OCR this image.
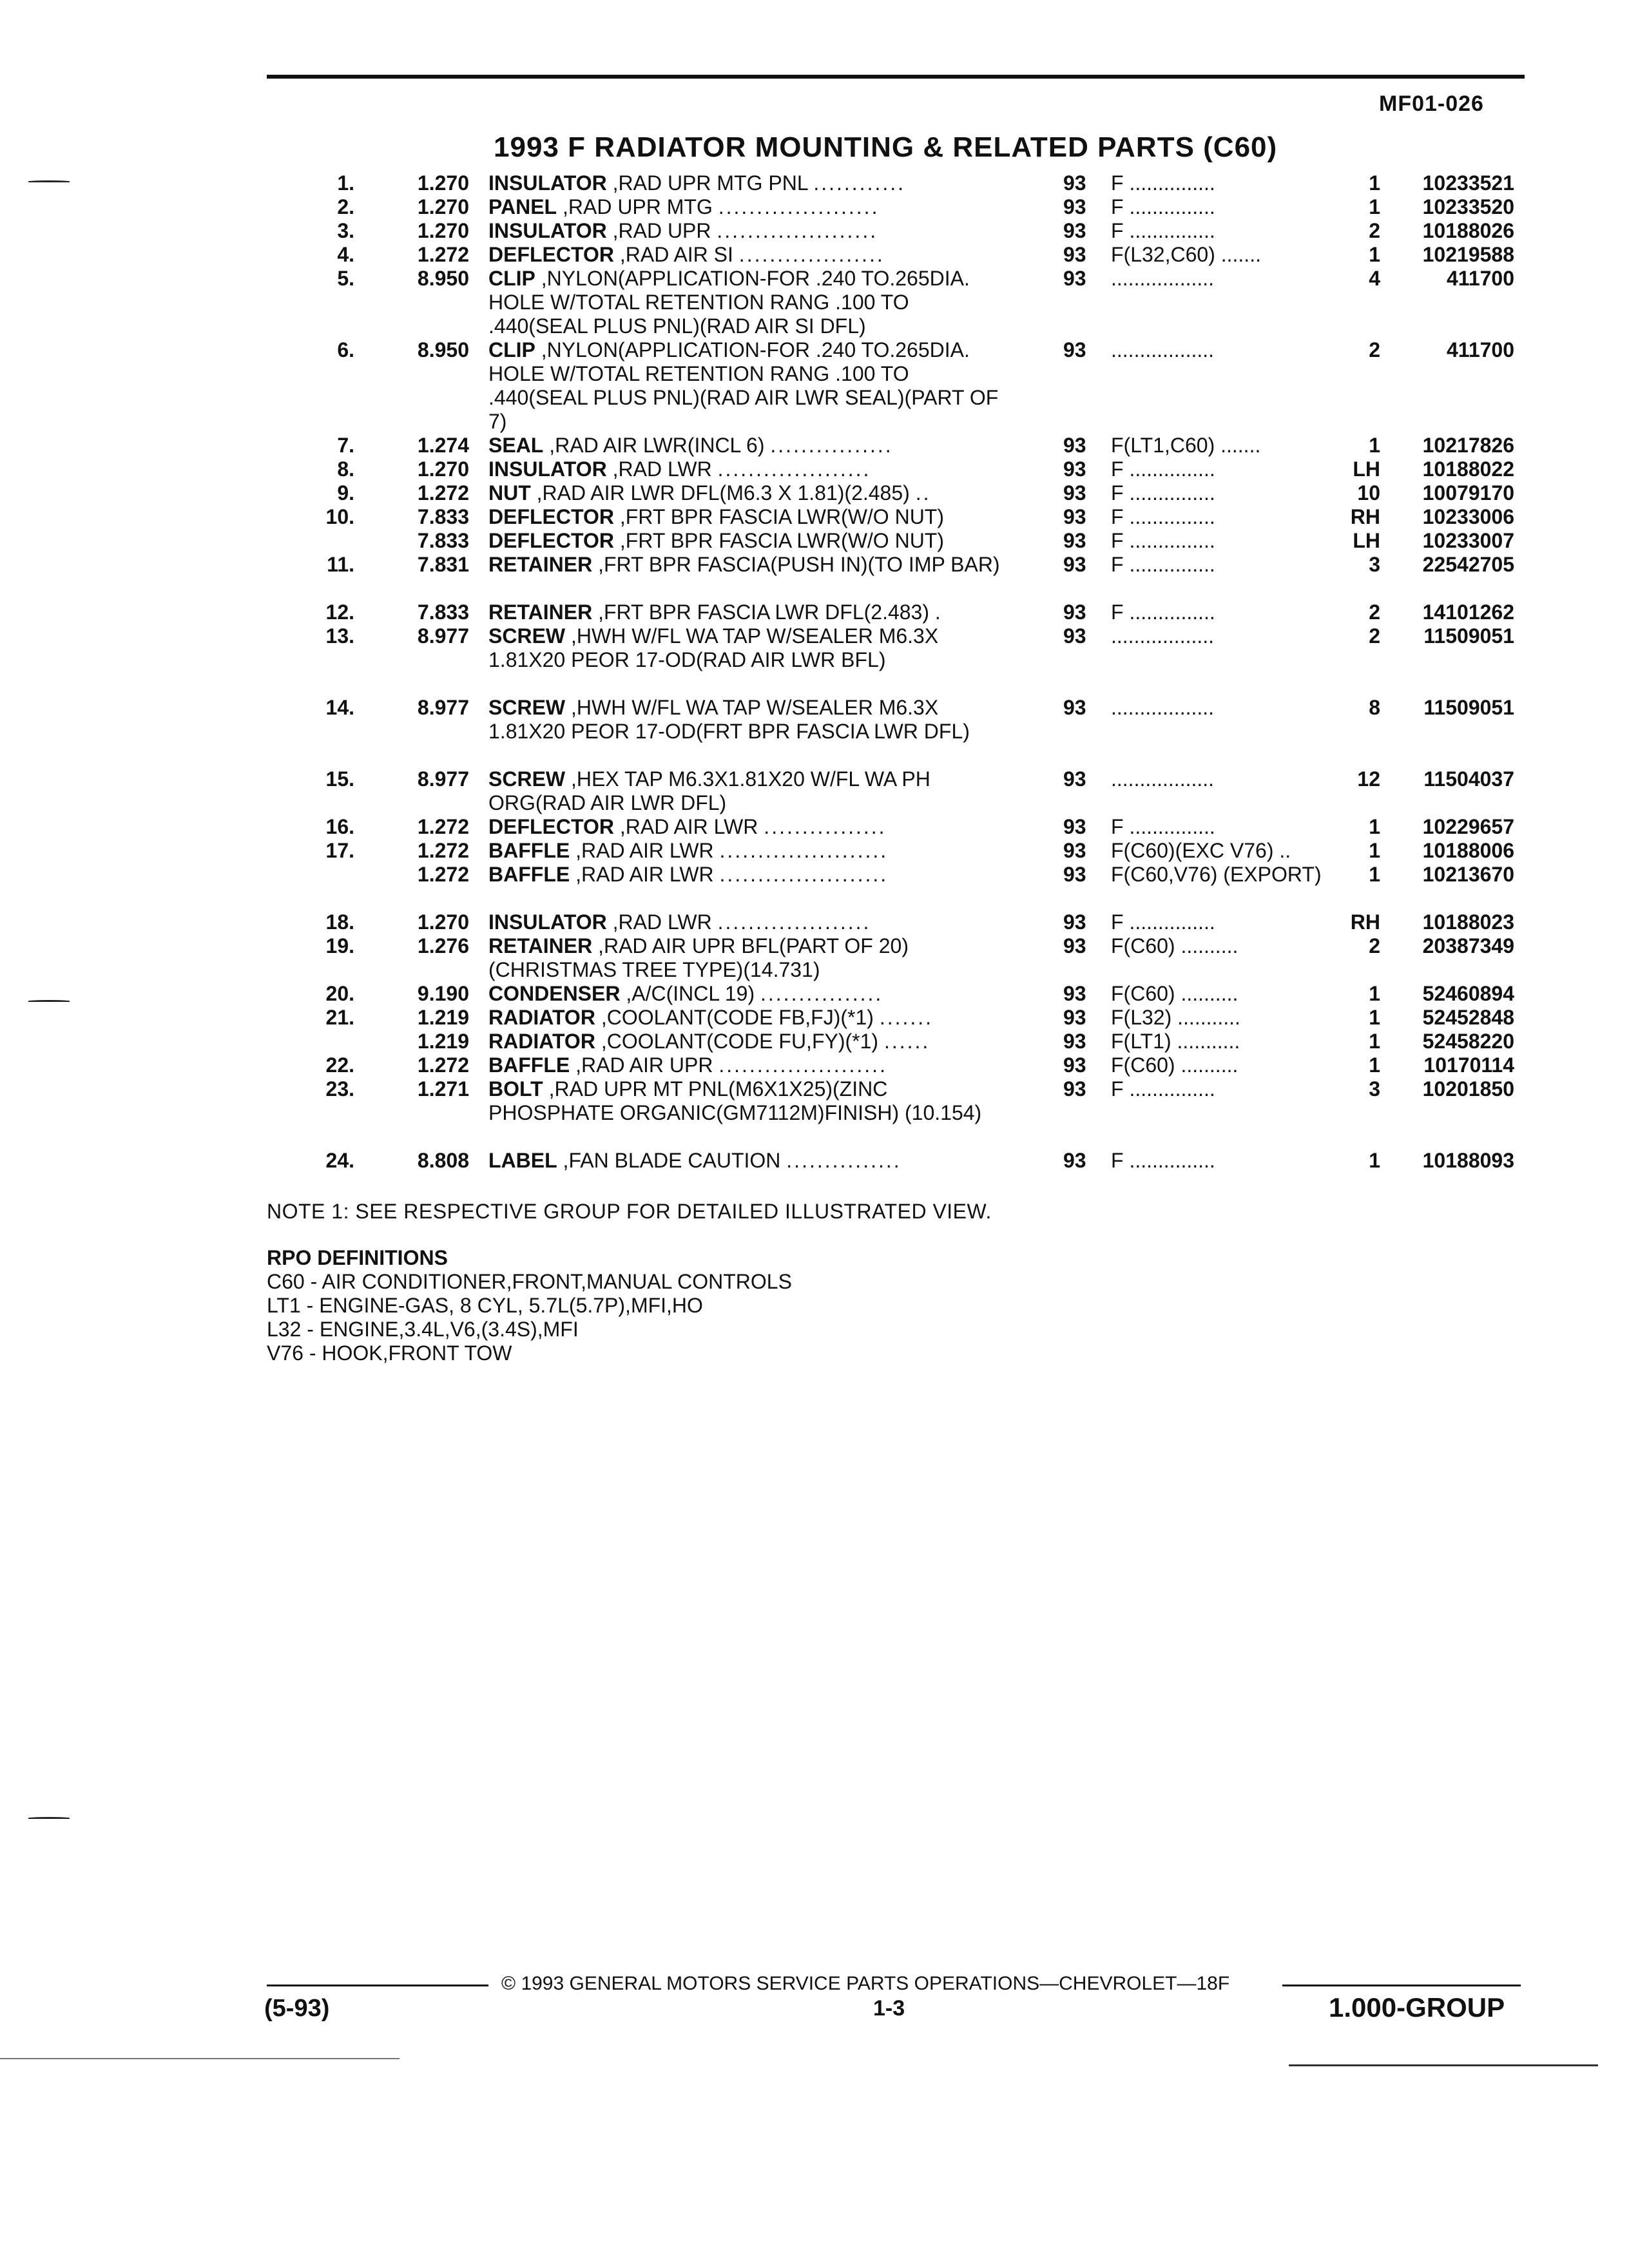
MF01-026
1993 F RADIATOR MOUNTING & RELATED PARTS (C60)
1.	1.270 INSULATOR ,RAD UPR MTG PNL ............	93 F ...............	1	10233521
2.	1.270 PANEL ,RAD UPR MTG .....................	93 F ...............	1	10233520
3.	1.270 INSULATOR ,RAD UPR .....................	93 F ...............	2	10188026
4.	1.272 DEFLECTOR ,RAD AIR SI ...................	93 F(L32,C60) .......	1	10219588
5.	8.950 CLIP ,NYLON(APPLICATION-FOR .240 TO.265DIA. HOLE W/TOTAL RETENTION RANG .100 TO .440(SEAL PLUS PNL)(RAD AIR SI DFL)
93 ..................	4	411700
6.	8.950 CLIP ,NYLON(APPLICATION-FOR .240 TO.265DIA. HOLE W/TOTAL RETENTION RANG .100 TO .440(SEAL PLUS PNL)(RAD AIR LWR SEAL)(PART OF 7)
93 ..................	2	411700
7.	1.274 SEAL ,RAD AIR LWR(INCL 6) ................	93 F(LT1,C60) .......	1	10217826
8.	1.270 INSULATOR ,RAD LWR ....................	93 F ...............	LH	10188022
9.	1.272 NUT ,RAD AIR LWR DFL(M6.3 X 1.81)(2.485) ..	93 F ...............	10	10079170
10.	7.833 DEFLECTOR ,FRT BPR FASCIA LWR(W/O NUT)	93 F ...............	RH	10233006
7.833 DEFLECTOR ,FRT BPR FASCIA LWR(W/O NUT)	93 F ...............	LH	10233007
11.	7.831 RETAINER ,FRT BPR FASCIA(PUSH IN)(TO IMP BAR)	93 F ...............	3	22542705
12.	7.833 RETAINER ,FRT BPR FASCIA LWR DFL(2.483) .	93 F ...............	2	14101262
13.	8.977 SCREW ,HWH W/FL WA TAP W/SEALER M6.3X 1.81X20 PEOR 17-OD(RAD AIR LWR BFL)
93 ..................	2	11509051
14.	8.977 SCREW ,HWH W/FL WA TAP W/SEALER M6.3X 1.81X20 PEOR 17-OD(FRT BPR FASCIA LWR DFL)
93 ..................	8	11509051
15.	8.977 SCREW ,HEX TAP M6.3X1.81X20 W/FL WA PH ORG(RAD AIR LWR DFL)
93 ..................	12	11504037
16.	1.272 DEFLECTOR ,RAD AIR LWR ................	93 F ...............	1	10229657
17.	1.272 BAFFLE ,RAD AIR LWR ......................	93 F(C60)(EXC V76) ..	1	10188006
1.272 BAFFLE ,RAD AIR LWR ......................	93 F(C60,V76) (EXPORT)	1	10213670
18.	1.270 INSULATOR ,RAD LWR ....................	93 F ...............	RH	10188023
19.	1.276 RETAINER ,RAD AIR UPR BFL(PART OF 20) (CHRISTMAS TREE TYPE)(14.731)
93 F(C60) ..........	2	20387349
20.	9.190 CONDENSER ,A/C(INCL 19) ................	93 F(C60) ..........	1	52460894
21.	1.219 RADIATOR ,COOLANT(CODE FB,FJ)(*1) .......	93 F(L32) ...........	1	52452848
1.219 RADIATOR ,COOLANT(CODE FU,FY)(*1) ......	93 F(LT1) ...........	1	52458220
22.	1.272 BAFFLE ,RAD AIR UPR ......................	93 F(C60) ..........	1	10170114
23.	1.271 BOLT ,RAD UPR MT PNL(M6X1X25)(ZINC PHOSPHATE ORGANIC(GM7112M)FINISH) (10.154)
93 F ...............	3	10201850
24.	8.808 LABEL ,FAN BLADE CAUTION ...............	93 F ...............	1	10188093
NOTE 1: SEE RESPECTIVE GROUP FOR DETAILED ILLUSTRATED VIEW.
RPO DEFINITIONS
C60 - AIR CONDITIONER,FRONT,MANUAL CONTROLS
LT1 - ENGINE-GAS, 8 CYL, 5.7L(5.7P),MFI,HO
L32 - ENGINE,3.4L,V6,(3.4S),MFI
V76 - HOOK,FRONT TOW
© 1993 GENERAL MOTORS SERVICE PARTS OPERATIONS—CHEVROLET—18F
(5-93)	1-3	1.000-GROUP
